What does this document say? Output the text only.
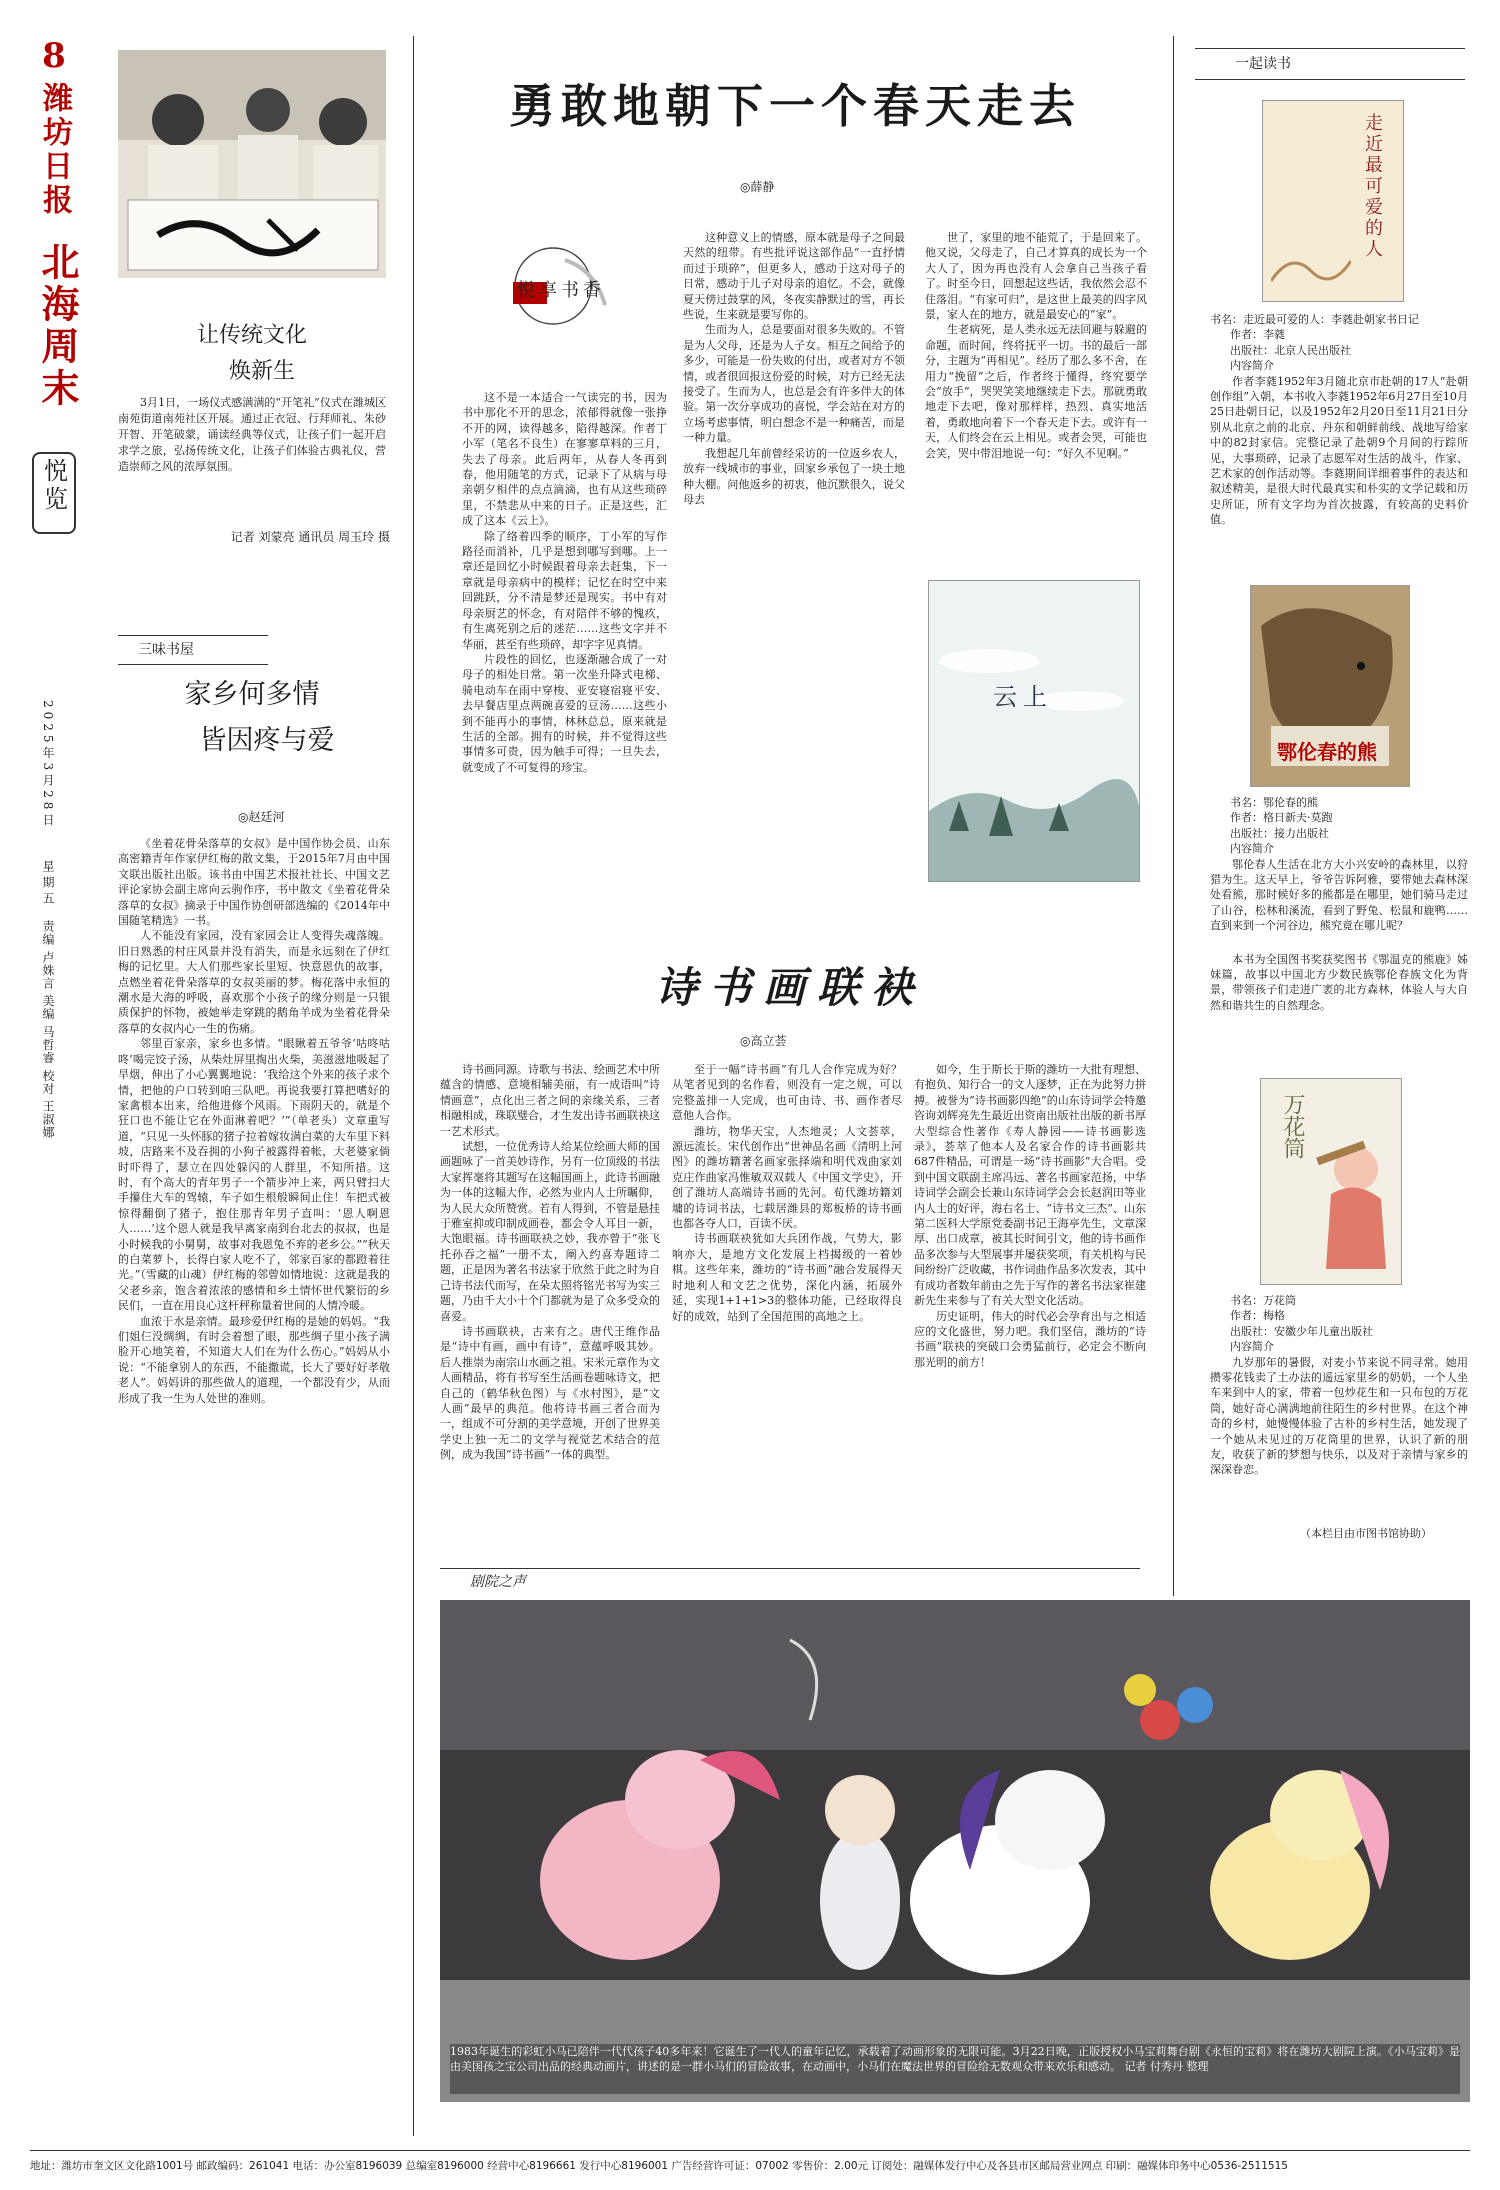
8
潍坊日报
北海周末
悦览
2025年3月28日
星期五
责编 卢姝言 美编 马哲睿 校对 王淑娜
让传统文化
焕新生

3月1日，一场仪式感满满的“开笔礼”仪式在潍城区南苑街道南苑社区开展。通过正衣冠、行拜师礼、朱砂开智、开笔破蒙，诵读经典等仪式，让孩子们一起开启求学之旅，弘扬传统文化，让孩子们体验古典礼仪，营造崇师之风的浓厚氛围。

记者 刘蒙亮 通讯员 周玉玲 摄
三味书屋
家乡何多情
皆因疼与爱
◎赵廷河

《坐着花骨朵落草的女叔》是中国作协会员、山东高密籍青年作家伊红梅的散文集，于2015年7月由中国文联出版社出版。该书由中国艺术报社社长、中国文艺评论家协会副主席向云驹作序，书中散文《坐着花骨朵落草的女叔》摘录于中国作协创研部选编的《2014年中国随笔精选》一书。

人不能没有家园，没有家园会让人变得失魂落魄。旧日熟悉的村庄风景并没有消失，而是永远刻在了伊红梅的记忆里。大人们那些家长里短、快意恩仇的故事，点燃坐着花骨朵落草的女叔美丽的梦。梅花落中永恒的潮水是大海的呼吸，喜欢那个小孩子的缘分则是一只银质保护的怀物，被她举走穿跳的鹅角羊成为坐着花骨朵落草的女叔内心一生的伤痛。

邻里百家亲，家乡也多情。“眼瞅着五爷爷‘咕咚咕咚’喝完饺子汤，从柴灶屏里掏出火柴，美滋滋地吸起了旱烟，伸出了小心翼翼地说：‘我给这个外来的孩子求个情，把他的户口转到咱三队吧。再说我要打算把嗜好的家禽根本出来，给他进修个风雨。下雨阴天的，就是个狂口也不能让它在外面淋着吧？’”（单老头）文章重写道，“只见一头怀豚的猪子拉着嫁妆满白菜的大车里下料坡，店路来不及吞拥的小狗子被露得着帐，大老婆家倘时吓得了，瑟立在四处躲闪的人群里，不知所措。这时，有个高大的青年男子一个箭步冲上来，两只臂扫大手攥住大车的驾辕，车子如生根般瞬间止住！车把式被惊得翻倒了猪子，抱住那青年男子直叫：‘恩人啊恩人……’这个恩人就是我早离家南到台北去的叔叔，也是小时候我的小舅舅，故事对我恩兔不弃的老乡公。”“秋天的白菜萝卜，长得白家人吃不了，邻家百家的都蹬着往光。”（雪藏的山魂）伊红梅的邻曾如情地说：这就是我的父老乡亲，饱含着浓浓的感情和乡土情怀世代繁衍的乡民们，一直在用良心这杆秤称量着世间的人情冷暖。

血浓于水是亲情。最珍爱伊红梅的是她的妈妈。“我们姐仨没绸绸，有时会着想了眼，那些绸子里小孩子满脸开心地笑着，不知道大人们在为什么伤心。”妈妈从小说：“不能拿别人的东西，不能撒谎，长大了要好好孝敬老人”。妈妈讲的那些做人的道理，一个都没有少，从而形成了我一生为人处世的准则。

勇敢地朝下一个春天走去
◎薛静
悦享书香

这不是一本适合一气读完的书，因为书中那化不开的思念，浓郁得就像一张挣不开的网，读得越多，陷得越深。作者丁小军（笔名不良生）在寥寥草料的三月，失去了母亲。此后两年，从春人冬再到春，他用随笔的方式，记录下了从病与母亲朝夕相伴的点点滴滴，也有从这些琐碎里，不禁悲从中来的日子。正是这些，汇成了这本《云上》。

除了络着四季的顺序，丁小军的写作路径而消补，几乎是想到哪写到哪。上一章还是回忆小时候跟着母亲去赶集，下一章就是母亲病中的模样；记忆在时空中来回跳跃，分不清是梦还是现实。书中有对母亲厨艺的怀念，有对陪伴不够的愧疚，有生离死别之后的迷茫……这些文字并不华丽，甚至有些琐碎，却字字见真情。

片段性的回忆，也逐渐融合成了一对母子的相处日常。第一次坐升降式电梯、骑电动车在雨中穿梭、亚安寝宿寝平安、去早餐店里点两碗喜爱的豆汤……这些小到不能再小的事情，林林总总，原来就是生活的全部。拥有的时候，并不觉得这些事情多可贵，因为触手可得；一旦失去，就变成了不可复得的珍宝。

这种意义上的情感，原本就是母子之间最天然的纽带。有些批评说这部作品“一直抒情而过于琐碎”，但更多人，感动于这对母子的日常，感动于儿子对母亲的追忆。不会，就像夏天傍过鼓掌的风，冬夜实静默过的雪，再长些说，生来就是要写你的。

生而为人，总是要面对很多失败的。不管是为人父母，还是为人子女。相互之间给予的多少，可能是一份失败的付出，或者对方不领情，或者很回报这份爱的时候，对方已经无法接受了。生而为人，也总是会有许多伴大的体验。第一次分享成功的喜悦，学会站在对方的立场考虑事情，明白想念不是一种痛苦，而是一种力量。

我想起几年前曾经采访的一位返乡农人，放弃一线城市的事业，回家乡承包了一块土地种大棚。问他返乡的初衷，他沉默很久，说父母去

世了，家里的地不能荒了，于是回来了。他又说，父母走了，自己才算真的成长为一个大人了，因为再也没有人会拿自己当孩子看了。时至今日，回想起这些话，我依然会忍不住落泪。“有家可归”，是这世上最美的四字风景，家人在的地方，就是最安心的“家”。

生老病死，是人类永远无法回避与躲避的命题，而时间，终将抚平一切。书的最后一部分，主题为“再相见”。经历了那么多不舍，在用力“挽留”之后，作者终于懂得，终究要学会“放手”，哭哭笑笑地继续走下去。那就勇敢地走下去吧，像对那样样，热烈、真实地活着，勇敢地向着下一个春天走下去。或许有一天，人们终会在云上相见。或者会哭，可能也会笑，哭中带泪地说一句：“好久不见啊。”

云上
诗书画联袂
◎高立荟

诗书画同源。诗歌与书法、绘画艺术中所蕴含的情感、意境相辅美丽，有一成语叫“诗情画意”，点化出三者之间的亲缘关系，三者相融相成，珠联璧合，才生发出诗书画联袂这一艺术形式。

试想，一位优秀诗人给某位绘画大师的国画题咏了一首美妙诗作，另有一位顶级的书法大家挥毫将其题写在这幅国画上，此诗书画融为一体的这幅大作，必然为业内人士所瞩仰，为人民大众所赞赏。若有人得到，不管是悬挂于雅室抑或印制成画卷，都会令人耳目一新，大饱眼福。诗书画联袂之妙，我亦曾于“张飞托孙吞之福”一册不太，阐入约喜寿题诗二题，正是因为著名书法家于欣然于此之时为自己诗书法代而写，在朵太照将铭光书写为实三题，乃由千大小十个门都就为是了众多受众的喜爱。

诗书画联袂，古来有之。唐代王维作品是“诗中有画，画中有诗”，意蕴呼吸其妙。后人推崇为南宗山水画之祖。宋米元章作为文人画精品，将有书写至生活画卷题咏诗文，把自己的（鹤华秋色图）与《水村图》，是“文人画”最早的典范。他将诗书画三者合而为一，组成不可分割的美学意境，开创了世界美学史上独一无二的文学与视觉艺术结合的范例，成为我国“诗书画”一体的典型。

至于一幅“诗书画”有几人合作完成为好？从笔者见到的名作看，则没有一定之规，可以完整盖排一人完成，也可由诗、书、画作者尽意他人合作。

潍坊，物华天宝，人杰地灵；人文荟萃，源远流长。宋代创作出“世神品名画《清明上河图》的潍坊籍著名画家张择端和明代戏曲家刘克庄作曲家冯惟敏双双载人《中国文学史》，开创了潍坊人高端诗书画的先河。荀代潍坊籍刘墉的诗词书法，七载居潍县的郑板桥的诗书画也都各夺人口，百读不厌。

诗书画联袂犹如大兵团作战，气势大，影响亦大，是地方文化发展上档揭级的一着妙棋。这些年来，潍坊的“诗书画”融合发展得天时地利人和文艺之优势，深化内涵，拓展外延，实现1+1+1>3的整体功能，已经取得良好的成效，站到了全国范围的高地之上。

如今，生于斯长于斯的潍坊一大批有理想、有抱负、知行合一的文人逐梦，正在为此努力拼搏。被誉为“诗书画影四绝”的山东诗词学会特邀咨询刘辉亮先生最近出资南出版社出版的新书厚大型综合性著作《寿人静园——诗书画影选录》，荟萃了他本人及名家合作的诗书画影共687件精品，可谓是一场“诗书画影”大合唱。受到中国文联副主席冯远、著名书画家范扬，中华诗词学会副会长兼山东诗词学会会长赵润田等业内人士的好评，海右名士、“诗书文三杰”、山东第二医科大学原党委副书记王海亭先生，文章深厚、出口成章，被其长时间引文，他的诗书画作品多次参与大型展事并屡获奖项，有关机构与民间纷纷广泛收藏，书作词曲作品多次发表，其中有成功者数年前由之先于写作的著名书法家崔建新先生来参与了有关大型文化活动。

历史证明，伟大的时代必会孕育出与之相适应的文化盛世，努力吧。我们坚信，潍坊的“诗书画”联袂的突破口会勇猛前行，必定会不断向那光明的前方！

一起读书
走近最可爱的人
书名：走近最可爱的人：李蕤赴朝家书日记
作者：李蕤
出版社：北京人民出版社
内容简介

作者李蕤1952年3月随北京市赴朝的17人“赴朝创作组”入朝，本书收入李蕤1952年6月27日至10月25日赴朝日记，以及1952年2月20日至11月21日分别从北京之前的北京、丹东和朝鲜前线、战地写给家中的82封家信。完整记录了赴朝9个月间的行踪所见，大事琐碎，记录了志愿军对生活的战斗，作家、艺术家的创作活动等。李蕤期间详细着事件的表达和叙述精美，是很大时代最真实和朴实的文学记载和历史所证，所有文字均为首次披露，有较高的史料价值。

鄂伦春的熊
书名：鄂伦春的熊
作者：格日新夫·莫跑
出版社：接力出版社
内容简介

鄂伦春人生活在北方大小兴安岭的森林里，以狩猎为生。这天早上，爷爷告诉阿雅，要带她去森林深处看熊，那时候好多的熊都是在哪里，她们骑马走过了山谷，松林和溪流，看到了野兔、松鼠和鹿鸭……直到来到一个河谷边，熊究竟在哪儿呢？

本书为全国图书奖获奖图书《鄂温克的熊鹿》姊妹篇，故事以中国北方少数民族鄂伦春族文化为背景，带领孩子们走进广袤的北方森林，体验人与大自然和谐共生的自然理念。

万花筒
书名：万花筒
作者：梅格
出版社：安徽少年儿童出版社
内容简介

九岁那年的暑假，对麦小节来说不同寻常。她用攒零花钱卖了土办法的遥远家里乡的奶奶，一个人坐车来到中人的家，带着一包炒花生和一只布包的万花筒，她好奇心满满地前往陌生的乡村世界。在这个神奇的乡村，她慢慢体验了古朴的乡村生活，她发现了一个她从未见过的万花筒里的世界，认识了新的朋友，收获了新的梦想与快乐，以及对于亲情与家乡的深深眷恋。

（本栏目由市图书馆协助）
剧院之声

1983年诞生的彩虹小马已陪伴一代代孩子40多年来！它诞生了一代人的童年记忆，承载着了动画形象的无限可能。3月22日晚，正版授权小马宝莉舞台剧《永恒的宝莉》将在潍坊大剧院上演。《小马宝莉》是由美国孩之宝公司出品的经典动画片，讲述的是一群小马们的冒险故事，在动画中，小马们在魔法世界的冒险给无数观众带来欢乐和感动。 记者 付秀丹 整理

地址：潍坊市奎文区文化路1001号 邮政编码：261041 电话：办公室8196039 总编室8196000 经营中心8196661 发行中心8196001 广告经营许可证：07002 零售价：2.00元 订阅处：融媒体发行中心及各县市区邮局营业网点 印刷：融媒体印务中心0536-2511515
